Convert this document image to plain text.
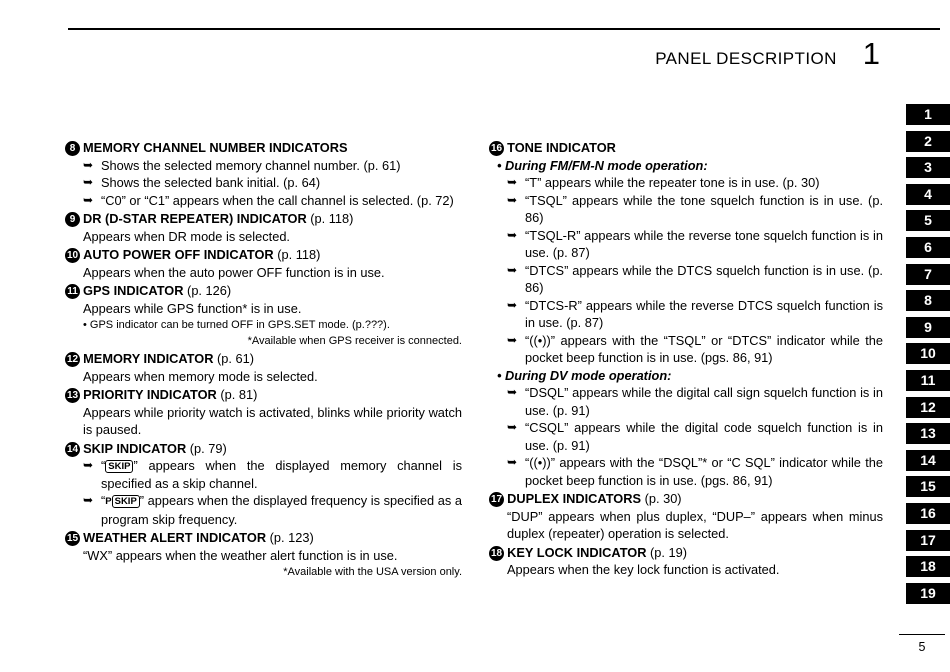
PANEL DESCRIPTION 1
1
2
3
4
5
6
7
8
9
10
11
12
13
14
15
16
17
18
19
8 MEMORY CHANNEL NUMBER INDICATORS
➥ Shows the selected memory channel number. (p. 61)
➥ Shows the selected bank initial. (p. 64)
➥ “C0” or “C1” appears when the call channel is selected. (p. 72)
9 DR (D-STAR REPEATER) INDICATOR (p. 118)
Appears when DR mode is selected.
10 AUTO POWER OFF INDICATOR (p. 118)
Appears when the auto power OFF function is in use.
11 GPS INDICATOR (p. 126)
Appears while GPS function* is in use.
• GPS indicator can be turned OFF in GPS.SET mode. (p.???).
*Available when GPS receiver is connected.
12 MEMORY INDICATOR (p. 61)
Appears when memory mode is selected.
13 PRIORITY INDICATOR (p. 81)
Appears while priority watch is activated, blinks while priority watch is paused.
14 SKIP INDICATOR (p. 79)
➥ “ SKIP ” appears when the displayed memory channel is specified as a skip channel.
➥ “P SKIP ” appears when the displayed frequency is specified as a program skip frequency.
15 WEATHER ALERT INDICATOR (p. 123)
“WX” appears when the weather alert function is in use.
*Available with the USA version only.
16 TONE INDICATOR
• During FM/FM-N mode operation:
➥ “T” appears while the repeater tone is in use. (p. 30)
➥ “TSQL” appears while the tone squelch function is in use. (p. 86)
➥ “TSQL-R” appears while the reverse tone squelch function is in use. (p. 87)
➥ “DTCS” appears while the DTCS squelch function is in use. (p. 86)
➥ “DTCS-R” appears while the reverse DTCS squelch function is in use. (p. 87)
➥ “((•))” appears with the “TSQL” or “DTCS” indicator while the pocket beep function is in use. (pgs. 86, 91)
• During DV mode operation:
➥ “DSQL” appears while the digital call sign squelch function is in use. (p. 91)
➥ “CSQL” appears while the digital code squelch function is in use. (p. 91)
➥ “((•))” appears with the “DSQL”* or “C SQL” indicator while the pocket beep function is in use. (pgs. 86, 91)
17 DUPLEX INDICATORS (p. 30)
“DUP” appears when plus duplex, “DUP–” appears when minus duplex (repeater) operation is selected.
18 KEY LOCK INDICATOR (p. 19)
Appears when the key lock function is activated.
5
